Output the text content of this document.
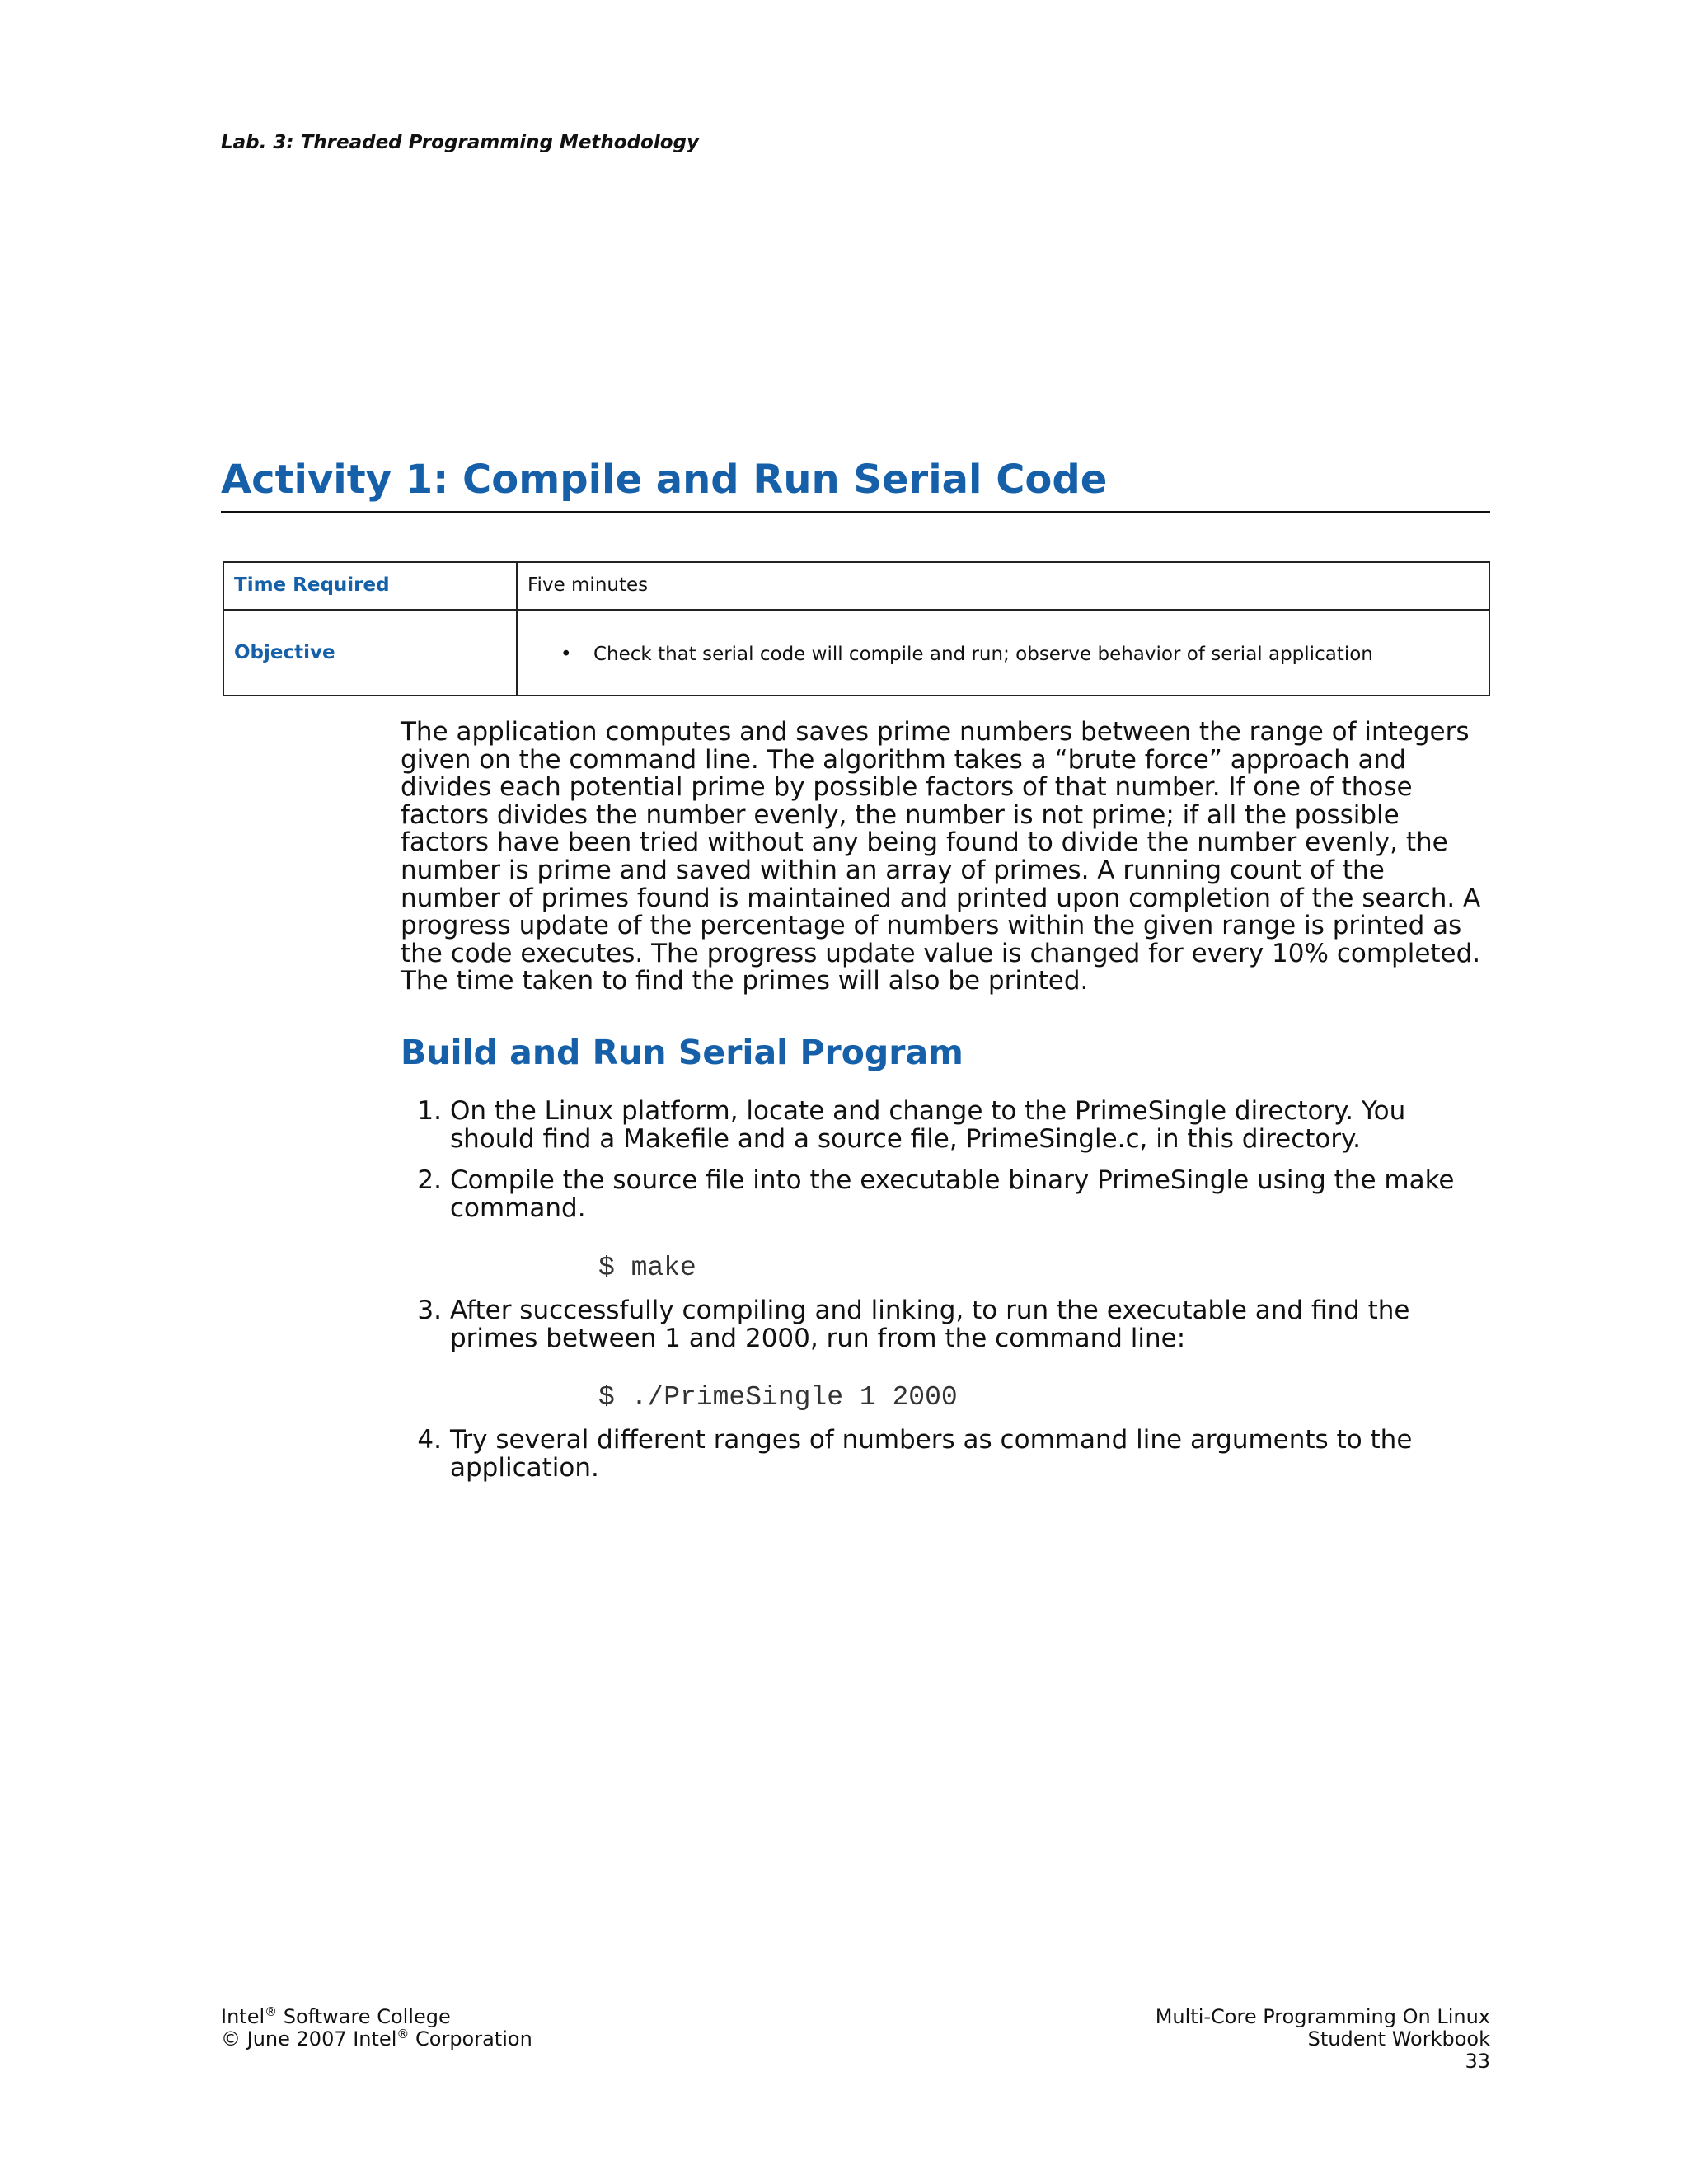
Lab. 3: Threaded Programming Methodology
Activity 1: Compile and Run Serial Code
Time Required	Five minutes
Objective	• Check that serial code will compile and run; observe behavior of serial application

The application computes and saves prime numbers between the range of integers given on the command line. The algorithm takes a “brute force” approach and divides each potential prime by possible factors of that number. If one of those factors divides the number evenly, the number is not prime; if all the possible factors have been tried without any being found to divide the number evenly, the number is prime and saved within an array of primes. A running count of the number of primes found is maintained and printed upon completion of the search. A progress update of the percentage of numbers within the given range is printed as the code executes. The progress update value is changed for every 10% completed. The time taken to find the primes will also be printed.

Build and Run Serial Program
1. On the Linux platform, locate and change to the PrimeSingle directory. You should find a Makefile and a source file, PrimeSingle.c, in this directory.
2. Compile the source file into the executable binary PrimeSingle using the make command.
$ make
3. After successfully compiling and linking, to run the executable and find the primes between 1 and 2000, run from the command line:
$ ./PrimeSingle 1 2000
4. Try several different ranges of numbers as command line arguments to the application.
Intel® Software College
© June 2007 Intel® Corporation
Multi-Core Programming On Linux
Student Workbook
33
